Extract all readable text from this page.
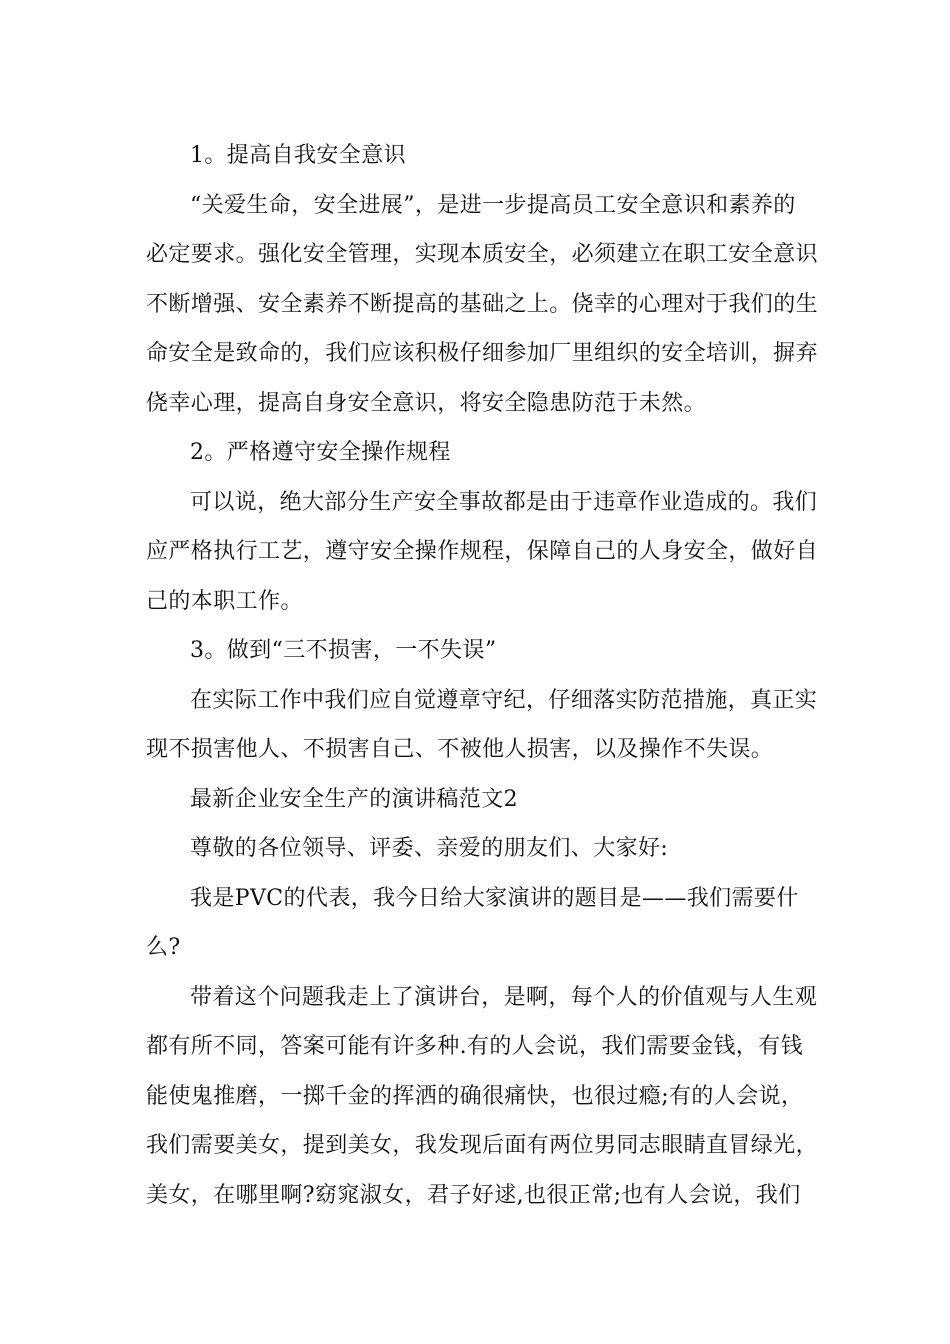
1。提高自我安全意识

“关爱生命，安全进展”，是进一步提高员工安全意识和素养的必定要求。强化安全管理，实现本质安全，必须建立在职工安全意识不断增强、安全素养不断提高的基础之上。侥幸的心理对于我们的生命安全是致命的，我们应该积极仔细参加厂里组织的安全培训，摒弃侥幸心理，提高自身安全意识，将安全隐患防范于未然。

2。严格遵守安全操作规程

可以说，绝大部分生产安全事故都是由于违章作业造成的。我们应严格执行工艺，遵守安全操作规程，保障自己的人身安全，做好自己的本职工作。

3。做到“三不损害，一不失误”

在实际工作中我们应自觉遵章守纪，仔细落实防范措施，真正实现不损害他人、不损害自己、不被他人损害，以及操作不失误。

最新企业安全生产的演讲稿范文2

尊敬的各位领导、评委、亲爱的朋友们、大家好:

我是PVC的代表，我今日给大家演讲的题目是——我们需要什么?

带着这个问题我走上了演讲台，是啊，每个人的价值观与人生观都有所不同，答案可能有许多种.有的人会说，我们需要金钱，有钱能使鬼推磨，一掷千金的挥洒的确很痛快，也很过瘾;有的人会说，我们需要美女，提到美女，我发现后面有两位男同志眼睛直冒绿光，美女，在哪里啊?窈窕淑女，君子好逑,也很正常;也有人会说，我们
